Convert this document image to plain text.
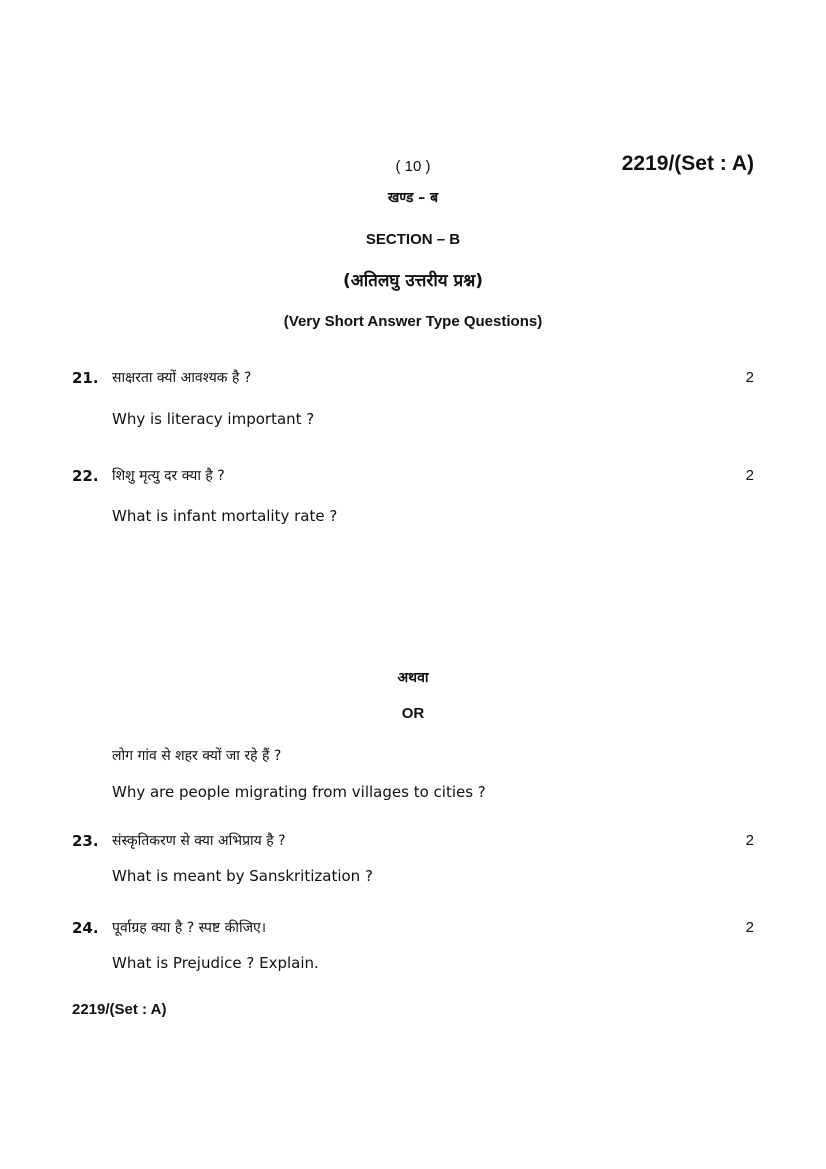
( 10 )	2219/(Set : A)
खण्ड – ब
SECTION – B
(अतिलघु उत्तरीय प्रश्न)
(Very Short Answer Type Questions)
21. साक्षरता क्यों आवश्यक है ?	2
Why is literacy important ?
22. शिशु मृत्यु दर क्या है ?	2
What is infant mortality rate ?
अथवा
OR
लोग गांव से शहर क्यों जा रहे हैं ?
Why are people migrating from villages to cities ?
23. संस्कृतिकरण से क्या अभिप्राय है ?	2
What is meant by Sanskritization ?
24. पूर्वाग्रह क्या है ? स्पष्ट कीजिए।	2
What is Prejudice ? Explain.
2219/(Set : A)
